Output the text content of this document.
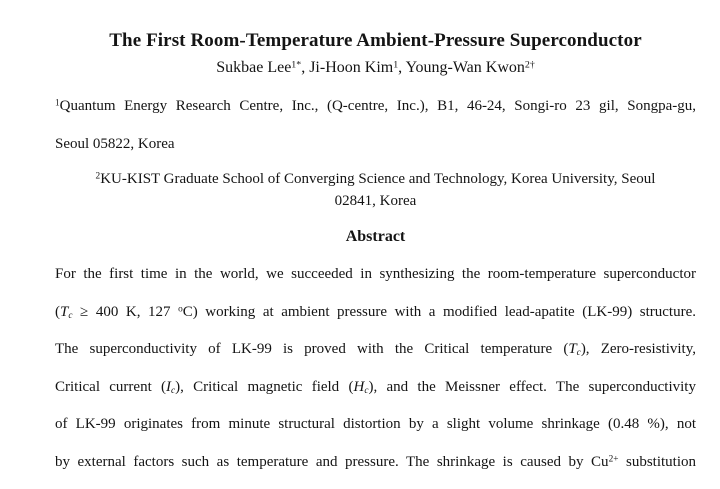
The First Room-Temperature Ambient-Pressure Superconductor
Sukbae Lee$^{1*}$, Ji-Hoon Kim$^1$, Young-Wan Kwon$^{2\dagger}$
$^1$Quantum Energy Research Centre, Inc., (Q-centre, Inc.), B1, 46-24, Songi-ro 23 gil, Songpa-gu,
Seoul 05822, Korea
$^2$KU-KIST Graduate School of Converging Science and Technology, Korea University, Seoul
02841, Korea
Abstract
For the first time in the world, we succeeded in synthesizing the room-temperature superconductor
(Tc ≥ 400 K, 127 $^o$C) working at ambient pressure with a modified lead-apatite (LK-99) structure.
The superconductivity of LK-99 is proved with the Critical temperature (Tc), Zero-resistivity,
Critical current (Ic), Critical magnetic field (Hc), and the Meissner effect. The superconductivity
of LK-99 originates from minute structural distortion by a slight volume shrinkage (0.48 %), not
by external factors such as temperature and pressure. The shrinkage is caused by $Cu^{2+}$ substitution
